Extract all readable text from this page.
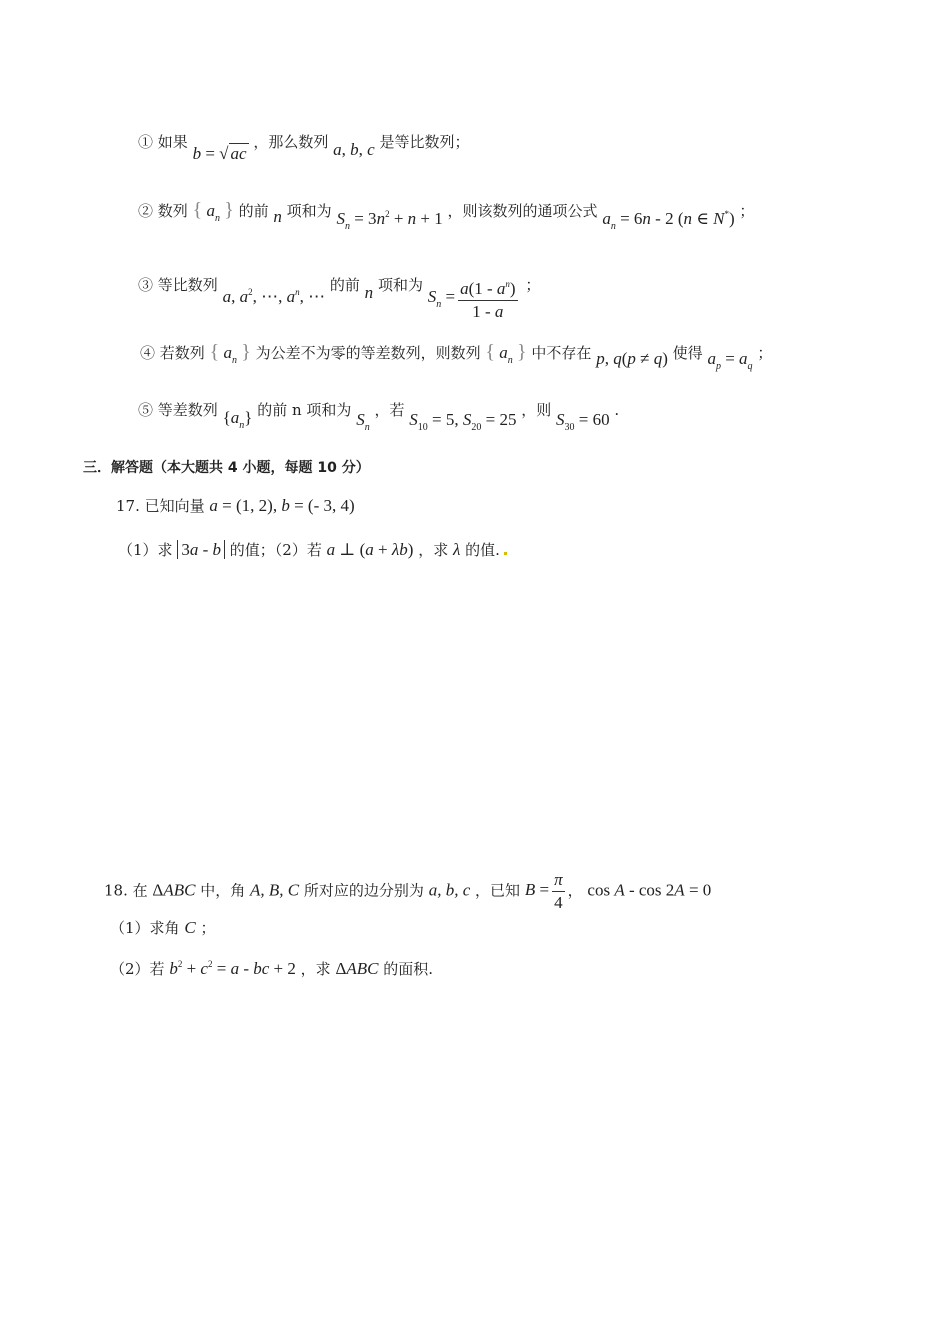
① 如果 b = √ ac ，那么数列 a, b, c 是等比数列；
② 数列 { $a_n$ } 的前 n 项和为 $S_n = 3n^2 + n + 1$ ，则该数列的通项公式 $a_n = 6n - 2$ (n ∈ N*) ；
③ 等比数列 a, $a^2$, ⋯, $a^n$, ⋯ 的前 n 项和为 $S_n = \frac{a(1 - a^n)}{1 - a}$ ；
④ 若数列 { $a_n$ } 为公差不为零的等差数列，则数列 { $a_n$ } 中不存在 p, q(p ≠ q) 使得 $a_p = a_q$ ；
⑤ 等差数列 $\{a_n\}$ 的前 n 项和为 $S_n$ ，若 $S_{10} = 5$, $S_{20} = 25$ ，则 $S_{30} = 60$ .
三．解答题（本大题共 4 小题，每题 10 分）
17. 已知向量 a = (1, 2), b = (- 3, 4)
（1）求 3a - b 的值；（2）若 a ⊥ (a + λb) ，求 λ 的值.
18. 在 ΔABC 中，角 A, B, C 所对应的边分别为 a, b, c ，已知 $B = \frac{\pi}{4}$ ， cos A - cos 2A = 0
（1）求角 C ；
（2）若 $b^2 + c^2 = a$ - bc + 2 ，求 ΔABC 的面积.
